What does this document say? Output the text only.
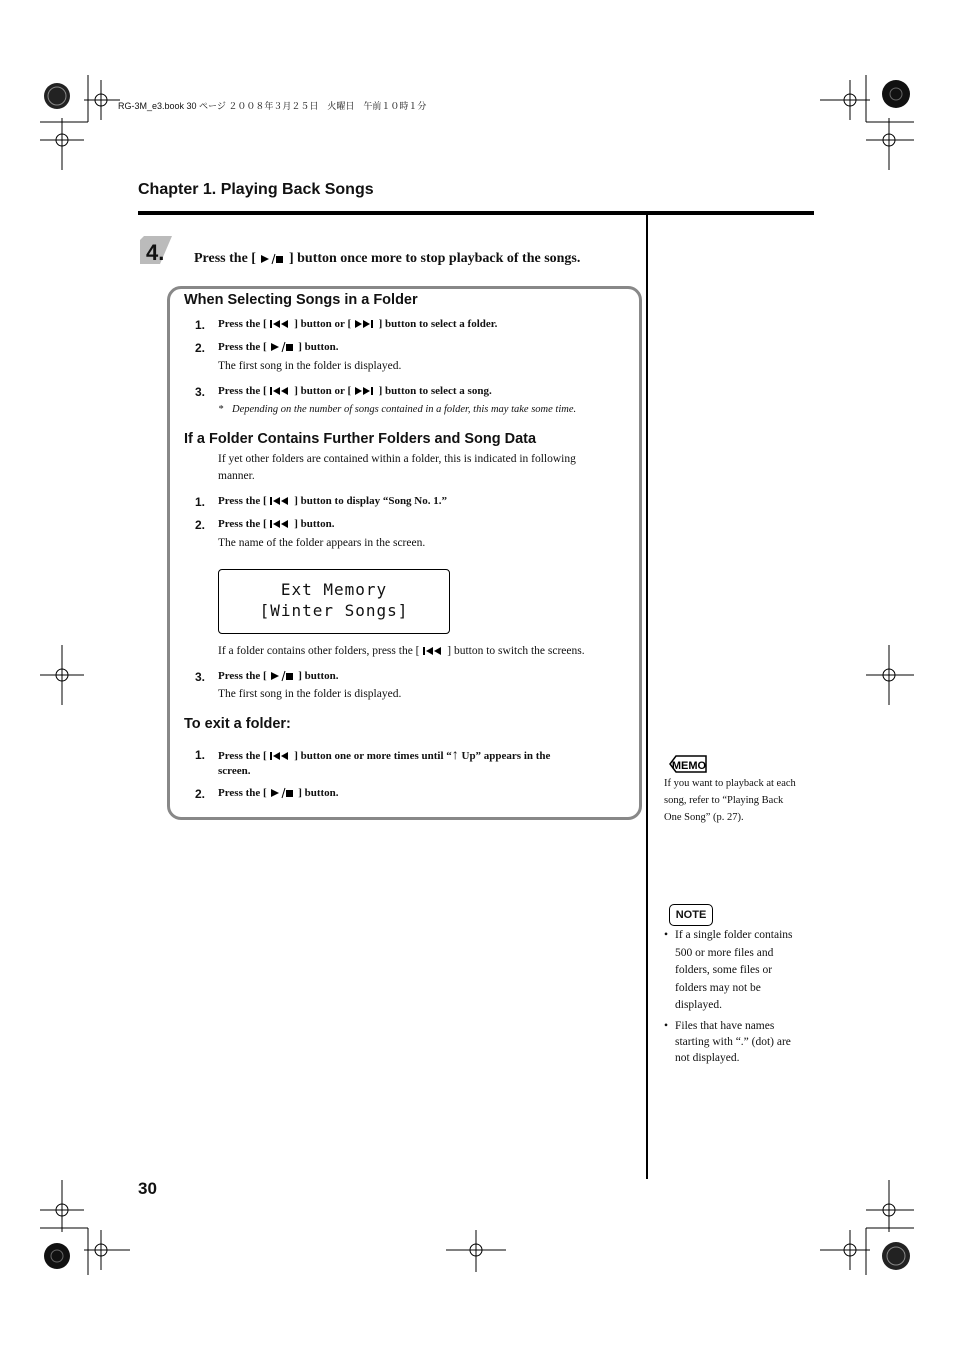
RG-3M_e3.book 30 ページ ２００８年３月２５日　火曜日　午前１０時１分
Chapter 1. Playing Back Songs
4. Press the [ ] button once more to stop playback of the songs.
When Selecting Songs in a Folder
1. Press the [	] button or [	] button to select a folder.
2. Press the [	] button.
The first song in the folder is displayed.
3. Press the [	] button or [	] button to select a song.
* Depending on the number of songs contained in a folder, this may take some time.
If a Folder Contains Further Folders and Song Data
If yet other folders are contained within a folder, this is indicated in following
manner.
1. Press the [	] button to display “Song No. 1.”
2. Press the [	] button.
The name of the folder appears in the screen.
Ext Memory
[Winter Songs]
If a folder contains other folders, press the [ ] button to switch the screens.
3. Press the [	] button.
The first song in the folder is displayed.
To exit a folder:
1. Press the [	] button one or more times until “↑ Up” appears in the
screen.
2. Press the [	] button.
MEMO
If you want to playback at each
song, refer to “Playing Back
One Song” (p. 27).
NOTE
• If a single folder contains
500 or more files and
folders, some files or
folders may not be
displayed.
• Files that have names
starting with “.” (dot) are
not displayed.
30
